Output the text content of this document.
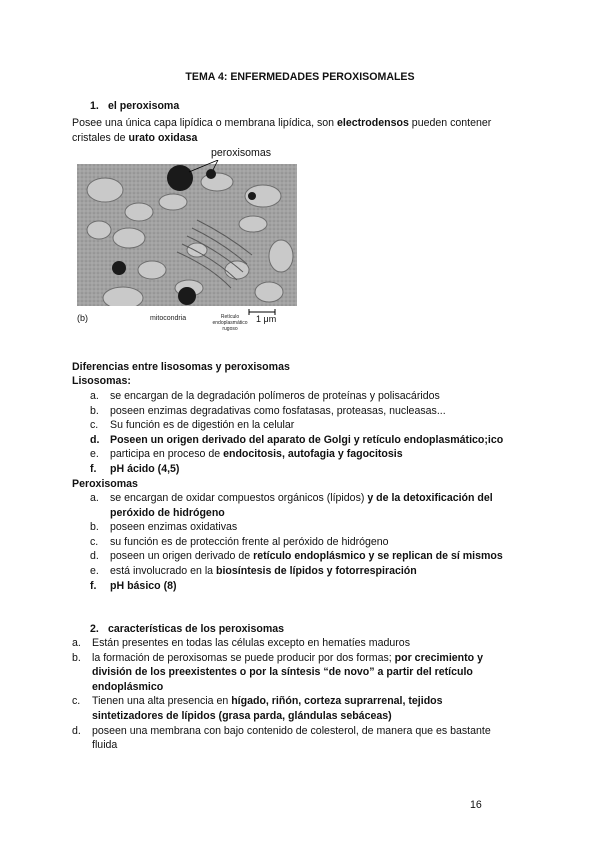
TEMA 4: ENFERMEDADES PEROXISOMALES
1. el peroxisoma
Posee una única capa lipídica o membrana lipídica, son electrodensos pueden contener
cristales de urato oxidasa
peroxisomas
(b)	mitocondria	Retículo
endoplasmático
rugoso
1 μm
Diferencias entre lisosomas y peroxisomas
Lisosomas:
a. se encargan de la degradación polímeros de proteínas y polisacáridos
b. poseen enzimas degradativas como fosfatasas, proteasas, nucleasas...
c. Su función es de digestión en la celular
d. Poseen un origen derivado del aparato de Golgi y retículo endoplasmático;ico
e. participa en proceso de endocitosis, autofagia y fagocitosis
f. pH ácido (4,5)
Peroxisomas
a. se encargan de oxidar compuestos orgánicos (lípidos) y de la detoxificación del
peróxido de hidrógeno
b. poseen enzimas oxidativas
c. su función es de protección frente al peróxido de hidrógeno
d. poseen un origen derivado de retículo endoplásmico y se replican de sí mismos
e. está involucrado en la biosíntesis de lípidos y fotorrespiración
f. pH básico (8)
2. características de los peroxisomas
a. Están presentes en todas las células excepto en hematíes maduros
b. la formación de peroxisomas se puede producir por dos formas; por crecimiento y
división de los preexistentes o por la síntesis “de novo” a partir del retículo
endoplásmico
c. Tienen una alta presencia en hígado, riñón, corteza suprarrenal, tejidos
sintetizadores de lípidos (grasa parda, glándulas sebáceas)
d. poseen una membrana con bajo contenido de colesterol, de manera que es bastante
fluida
16
